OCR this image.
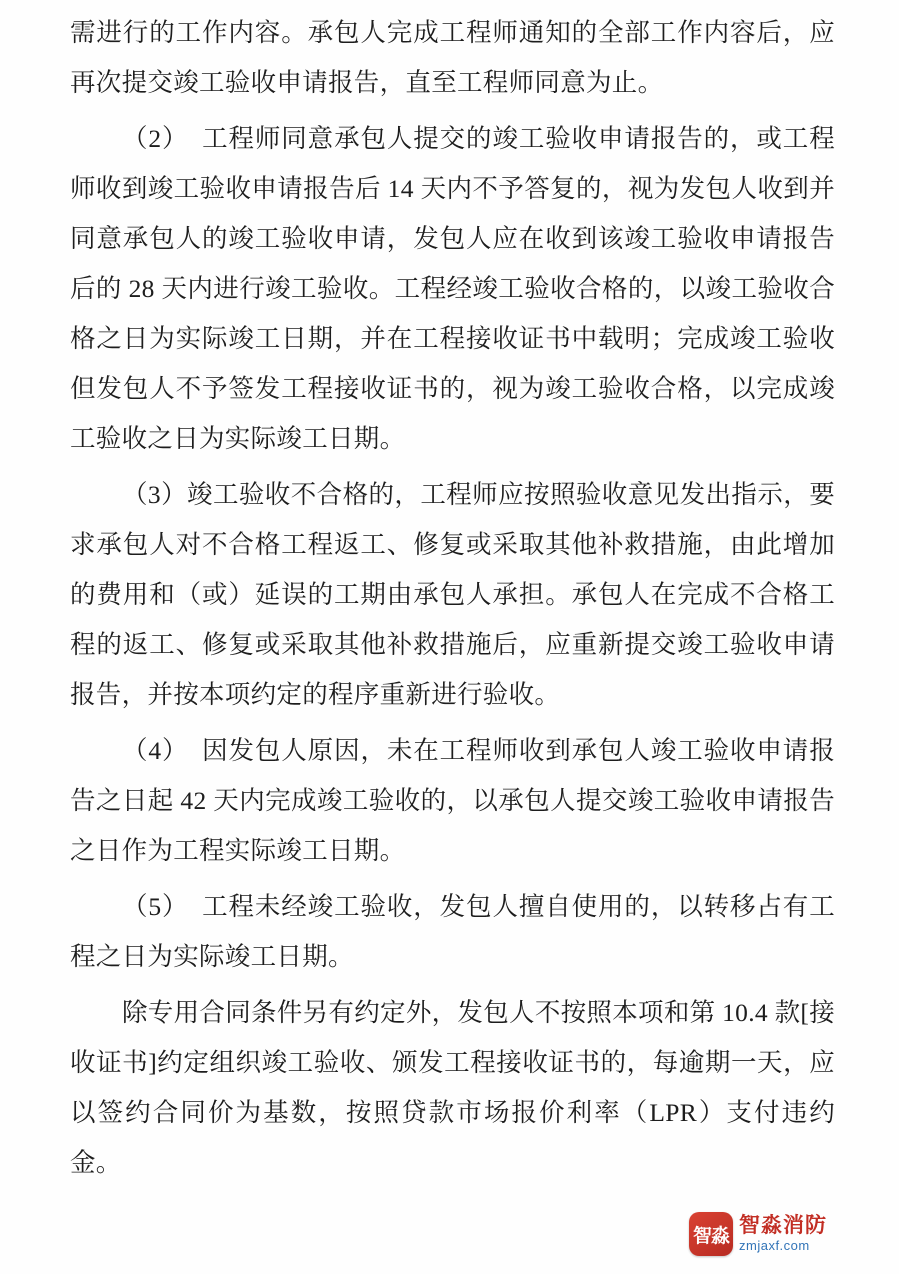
需进行的工作内容。承包人完成工程师通知的全部工作内容后，应再次提交竣工验收申请报告，直至工程师同意为止。

（2）　工程师同意承包人提交的竣工验收申请报告的，或工程师收到竣工验收申请报告后 14 天内不予答复的，视为发包人收到并同意承包人的竣工验收申请，发包人应在收到该竣工验收申请报告后的 28 天内进行竣工验收。工程经竣工验收合格的，以竣工验收合格之日为实际竣工日期，并在工程接收证书中载明；完成竣工验收但发包人不予签发工程接收证书的，视为竣工验收合格，以完成竣工验收之日为实际竣工日期。

（3）竣工验收不合格的，工程师应按照验收意见发出指示，要求承包人对不合格工程返工、修复或采取其他补救措施，由此增加的费用和（或）延误的工期由承包人承担。承包人在完成不合格工程的返工、修复或采取其他补救措施后，应重新提交竣工验收申请报告，并按本项约定的程序重新进行验收。

（4）　因发包人原因，未在工程师收到承包人竣工验收申请报告之日起 42 天内完成竣工验收的，以承包人提交竣工验收申请报告之日作为工程实际竣工日期。

（5）　工程未经竣工验收，发包人擅自使用的，以转移占有工程之日为实际竣工日期。

除专用合同条件另有约定外，发包人不按照本项和第 10.4 款[接收证书]约定组织竣工验收、颁发工程接收证书的，每逾期一天，应以签约合同价为基数，按照贷款市场报价利率（LPR）支付违约金。

智淼 智淼消防
zmjaxf.com
